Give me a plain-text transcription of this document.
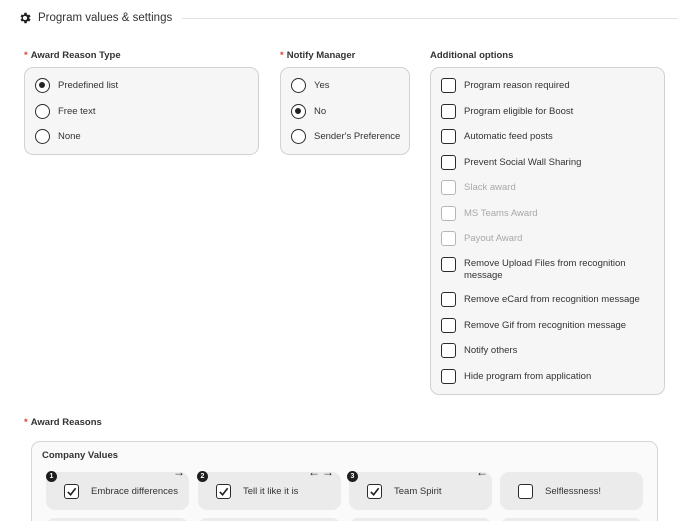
Program values & settings
* Award Reason Type
Predefined list
Free text
None
* Notify Manager
Yes
No
Sender's Preference
Additional options
Program reason required
Program eligible for Boost
Automatic feed posts
Prevent Social Wall Sharing
Slack award
MS Teams Award
Payout Award
Remove Upload Files from recognition message
Remove eCard from recognition message
Remove Gif from recognition message
Notify others
Hide program from application
* Award Reasons
Company Values
Embrace differences
1	→
Tell it like it is
2	←→
Team Spirit
3	←
Selflessness!
